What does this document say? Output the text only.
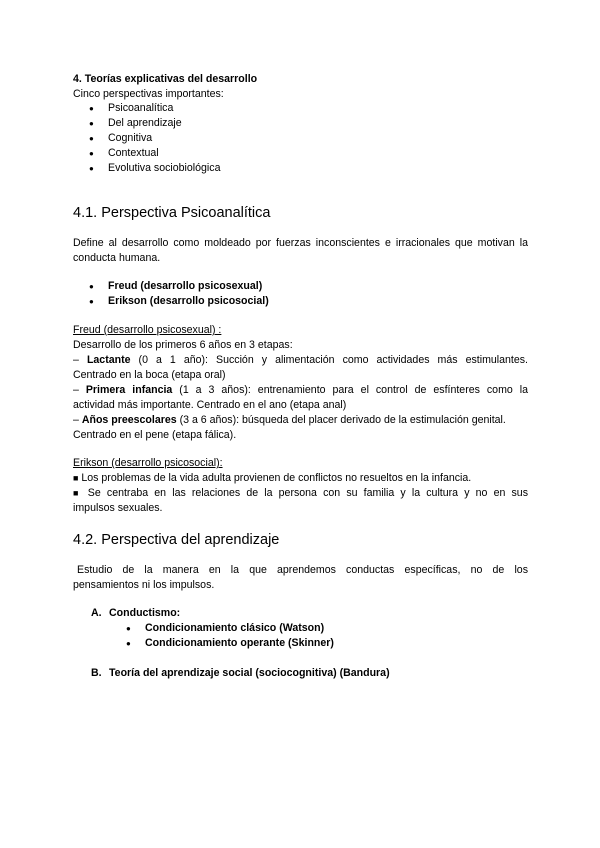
4. Teorías explicativas del desarrollo
Cinco perspectivas importantes:
● Psicoanalítica
● Del aprendizaje
● Cognitiva
● Contextual
● Evolutiva sociobiológica
4.1. Perspectiva Psicoanalítica
Define al desarrollo como moldeado por fuerzas inconscientes e irracionales que motivan la
conducta humana.
● Freud (desarrollo psicosexual)
● Erikson (desarrollo psicosocial)
Freud (desarrollo psicosexual) :
Desarrollo de los primeros 6 años en 3 etapas:
– Lactante (0 a 1 año): Succión y alimentación como actividades más estimulantes.
Centrado en la boca (etapa oral)
– Primera infancia (1 a 3 años): entrenamiento para el control de esfínteres como la
actividad más importante. Centrado en el ano (etapa anal)
– Años preescolares (3 a 6 años): búsqueda del placer derivado de la estimulación genital.
Centrado en el pene (etapa fálica).
Erikson (desarrollo psicosocial):
■ Los problemas de la vida adulta provienen de conflictos no resueltos en la infancia.
■ Se centraba en las relaciones de la persona con su familia y la cultura y no en sus
impulsos sexuales.
4.2. Perspectiva del aprendizaje
Estudio de la manera en la que aprendemos conductas específicas, no de los
pensamientos ni los impulsos.
A. Conductismo:
● Condicionamiento clásico (Watson)
● Condicionamiento operante (Skinner)
B. Teoría del aprendizaje social (sociocognitiva) (Bandura)
